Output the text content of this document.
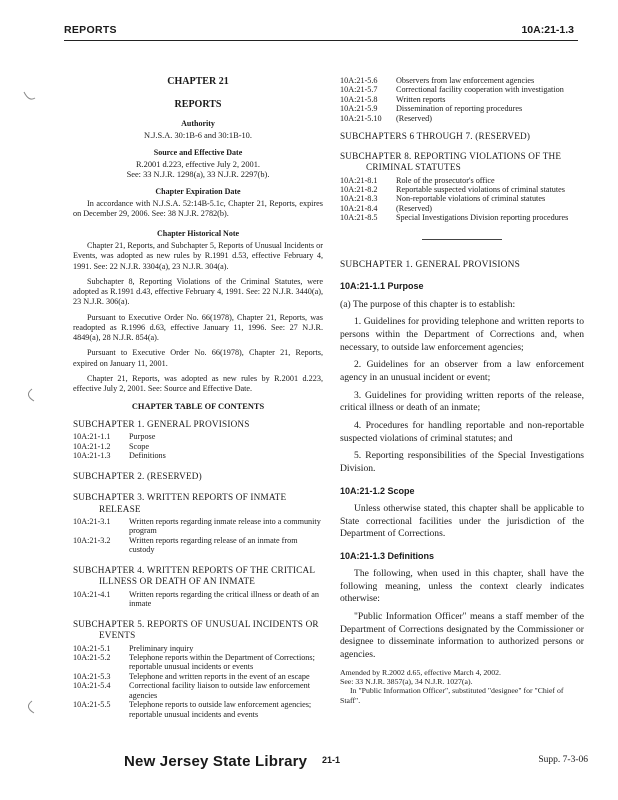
REPORTS	10A:21-1.3
CHAPTER 21
REPORTS
Authority
N.J.S.A. 30:1B-6 and 30:1B-10.
Source and Effective Date
R.2001 d.223, effective July 2, 2001.
See: 33 N.J.R. 1298(a), 33 N.J.R. 2297(b).
Chapter Expiration Date
In accordance with N.J.S.A. 52:14B-5.1c, Chapter 21, Reports, expires on December 29, 2006. See: 38 N.J.R. 2782(b).
Chapter Historical Note
Chapter 21, Reports, and Subchapter 5, Reports of Unusual Incidents or Events, was adopted as new rules by R.1991 d.53, effective February 4, 1991. See: 22 N.J.R. 3304(a), 23 N.J.R. 304(a).
Subchapter 8, Reporting Violations of the Criminal Statutes, were adopted as R.1991 d.43, effective February 4, 1991. See: 22 N.J.R. 3440(a), 23 N.J.R. 306(a).
Pursuant to Executive Order No. 66(1978), Chapter 21, Reports, was readopted as R.1996 d.63, effective January 11, 1996. See: 27 N.J.R. 4849(a), 28 N.J.R. 854(a).
Pursuant to Executive Order No. 66(1978), Chapter 21, Reports, expired on January 11, 2001.
Chapter 21, Reports, was adopted as new rules by R.2001 d.223, effective July 2, 2001. See: Source and Effective Date.
CHAPTER TABLE OF CONTENTS
SUBCHAPTER 1. GENERAL PROVISIONS
10A:21-1.1	Purpose
10A:21-1.2	Scope
10A:21-1.3	Definitions
SUBCHAPTER 2. (RESERVED)
SUBCHAPTER 3. WRITTEN REPORTS OF INMATE
RELEASE
10A:21-3.1	Written reports regarding inmate release into a community program
10A:21-3.2	Written reports regarding release of an inmate from custody
SUBCHAPTER 4. WRITTEN REPORTS OF THE CRITICAL
ILLNESS OR DEATH OF AN INMATE
10A:21-4.1	Written reports regarding the critical illness or death of an inmate
SUBCHAPTER 5. REPORTS OF UNUSUAL INCIDENTS OR
EVENTS
10A:21-5.1	Preliminary inquiry
10A:21-5.2	Telephone reports within the Department of Corrections; reportable unusual incidents or events
10A:21-5.3	Telephone and written reports in the event of an escape
10A:21-5.4	Correctional facility liaison to outside law enforcement agencies
10A:21-5.5	Telephone reports to outside law enforcement agencies; reportable unusual incidents and events
10A:21-5.6	Observers from law enforcement agencies
10A:21-5.7	Correctional facility cooperation with investigation
10A:21-5.8	Written reports
10A:21-5.9	Dissemination of reporting procedures
10A:21-5.10	(Reserved)
SUBCHAPTERS 6 THROUGH 7. (RESERVED)
SUBCHAPTER 8. REPORTING VIOLATIONS OF THE
CRIMINAL STATUTES
10A:21-8.1	Role of the prosecutor's office
10A:21-8.2	Reportable suspected violations of criminal statutes
10A:21-8.3	Non-reportable violations of criminal statutes
10A:21-8.4	(Reserved)
10A:21-8.5	Special Investigations Division reporting procedures
SUBCHAPTER 1. GENERAL PROVISIONS
10A:21-1.1 Purpose
(a) The purpose of this chapter is to establish:
1. Guidelines for providing telephone and written reports to persons within the Department of Corrections and, when necessary, to outside law enforcement agencies;
2. Guidelines for an observer from a law enforcement agency in an unusual incident or event;
3. Guidelines for providing written reports of the release, critical illness or death of an inmate;
4. Procedures for handling reportable and non-reportable suspected violations of criminal statutes; and
5. Reporting responsibilities of the Special Investigations Division.
10A:21-1.2 Scope
Unless otherwise stated, this chapter shall be applicable to State correctional facilities under the jurisdiction of the Department of Corrections.
10A:21-1.3 Definitions
The following, when used in this chapter, shall have the following meaning, unless the context clearly indicates otherwise:
"Public Information Officer" means a staff member of the Department of Corrections designated by the Commissioner or designee to disseminate information to authorized persons or agencies.

Amended by R.2002 d.65, effective March 4, 2002.

See: 33 N.J.R. 3857(a), 34 N.J.R. 1027(a).

In "Public Information Officer", substituted "designee" for "Chief of Staff".

New Jersey State Library 21-1	Supp. 7-3-06
